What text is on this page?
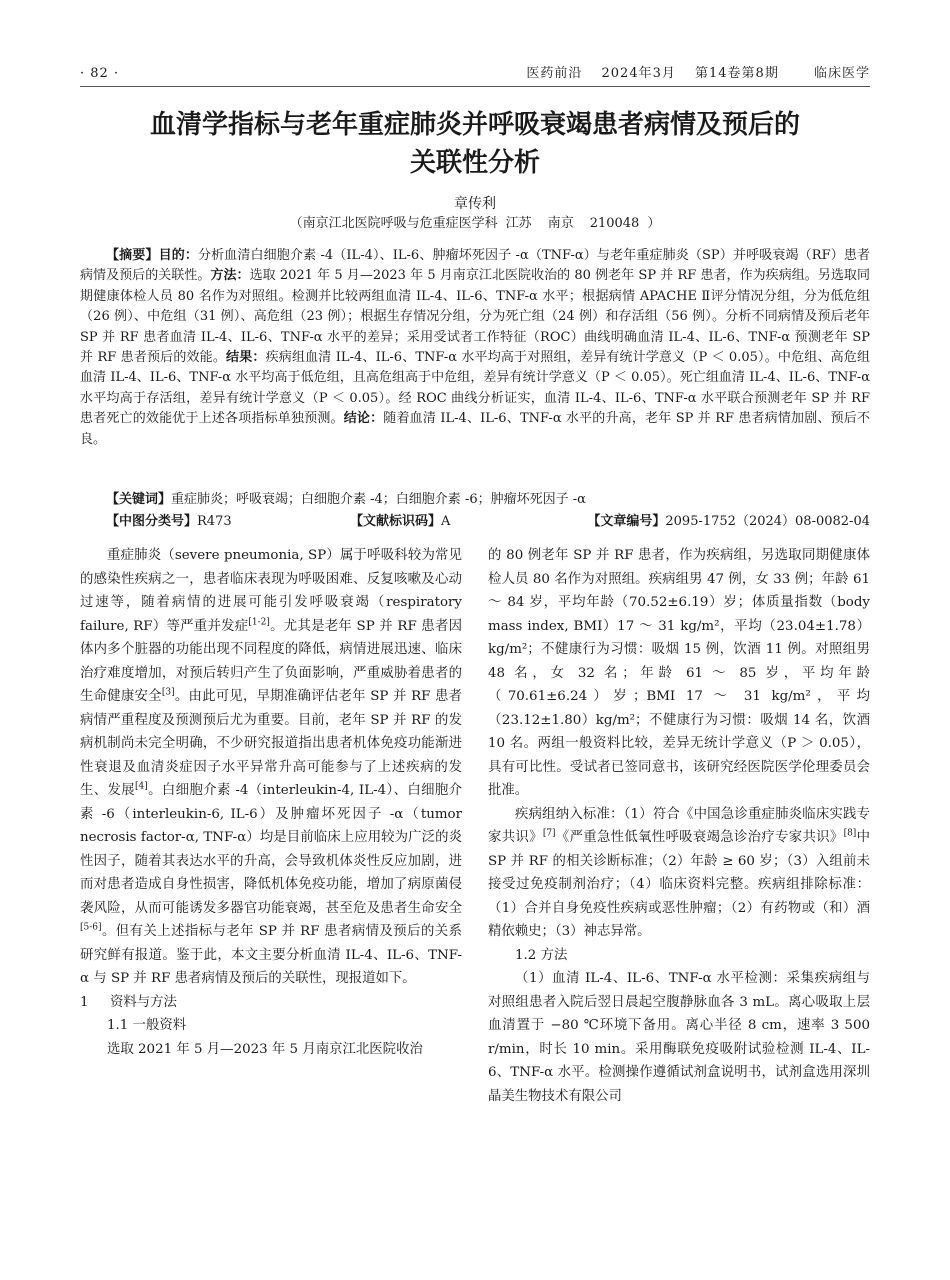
· 82 ·	医药前沿 2024年3月 第14卷第8期	临床医学
血清学指标与老年重症肺炎并呼吸衰竭患者病情及预后的
关联性分析
章传利
（南京江北医院呼吸与危重症医学科 江苏 南京 210048 ）
【摘要】目的：分析血清白细胞介素 -4（IL-4）、IL-6、肿瘤坏死因子 -α（TNF-α）与老年重症肺炎（SP）并呼吸衰竭（RF）患者病情及预后的关联性。方法：选取 2021 年 5 月—2023 年 5 月南京江北医院收治的 80 例老年 SP 并 RF 患者，作为疾病组。另选取同期健康体检人员 80 名作为对照组。检测并比较两组血清 IL-4、IL-6、TNF-α 水平；根据病情 APACHE Ⅱ评分情况分组，分为低危组（26 例）、中危组（31 例）、高危组（23 例）；根据生存情况分组，分为死亡组（24 例）和存活组（56 例）。分析不同病情及预后老年 SP 并 RF 患者血清 IL-4、IL-6、TNF-α 水平的差异；采用受试者工作特征（ROC）曲线明确血清 IL-4、IL-6、TNF-α 预测老年 SP 并 RF 患者预后的效能。结果：疾病组血清 IL-4、IL-6、TNF-α 水平均高于对照组，差异有统计学意义（P ＜ 0.05）。中危组、高危组血清 IL-4、IL-6、TNF-α 水平均高于低危组，且高危组高于中危组，差异有统计学意义（P ＜ 0.05）。死亡组血清 IL-4、IL-6、TNF-α 水平均高于存活组，差异有统计学意义（P ＜ 0.05）。经 ROC 曲线分析证实，血清 IL-4、IL-6、TNF-α 水平联合预测老年 SP 并 RF 患者死亡的效能优于上述各项指标单独预测。结论：随着血清 IL-4、IL-6、TNF-α 水平的升高，老年 SP 并 RF 患者病情加剧、预后不良。
【关键词】重症肺炎；呼吸衰竭；白细胞介素 -4；白细胞介素 -6；肿瘤坏死因子 -α
【中图分类号】R473	【文献标识码】A	【文章编号】2095-1752（2024）08-0082-04

重症肺炎（severe pneumonia, SP）属于呼吸科较为常见的感染性疾病之一，患者临床表现为呼吸困难、反复咳嗽及心动过速等，随着病情的进展可能引发呼吸衰竭（respiratory failure, RF）等严重并发症[1-2]。尤其是老年 SP 并 RF 患者因体内多个脏器的功能出现不同程度的降低，病情进展迅速、临床治疗难度增加，对预后转归产生了负面影响，严重威胁着患者的生命健康安全[3]。由此可见，早期准确评估老年 SP 并 RF 患者病情严重程度及预测预后尤为重要。目前，老年 SP 并 RF 的发病机制尚未完全明确，不少研究报道指出患者机体免疫功能渐进性衰退及血清炎症因子水平异常升高可能参与了上述疾病的发生、发展[4]。白细胞介素 -4（interleukin-4, IL-4）、白细胞介素 -6（interleukin-6, IL-6）及肿瘤坏死因子 -α（tumor necrosis factor-α, TNF-α）均是目前临床上应用较为广泛的炎性因子，随着其表达水平的升高，会导致机体炎性反应加剧，进而对患者造成自身性损害，降低机体免疫功能，增加了病原菌侵袭风险，从而可能诱发多器官功能衰竭，甚至危及患者生命安全[5-6]。但有关上述指标与老年 SP 并 RF 患者病情及预后的关系研究鲜有报道。鉴于此，本文主要分析血清 IL-4、IL-6、TNF-α 与 SP 并 RF 患者病情及预后的关联性，现报道如下。

1 资料与方法

1.1 一般资料

选取 2021 年 5 月—2023 年 5 月南京江北医院收治

的 80 例老年 SP 并 RF 患者，作为疾病组，另选取同期健康体检人员 80 名作为对照组。疾病组男 47 例，女 33 例；年龄 61 ～ 84 岁，平均年龄（70.52±6.19）岁；体质量指数（body mass index, BMI）17 ～ 31 kg/m²，平均（23.04±1.78）kg/m²；不健康行为习惯：吸烟 15 例，饮酒 11 例。对照组男 48 名，女 32 名；年龄 61 ～ 85 岁，平均年龄（70.61±6.24）岁；BMI 17 ～ 31 kg/m²，平均（23.12±1.80）kg/m²；不健康行为习惯：吸烟 14 名，饮酒 10 名。两组一般资料比较，差异无统计学意义（P ＞ 0.05），具有可比性。受试者已签同意书，该研究经医院医学伦理委员会批准。

疾病组纳入标准：（1）符合《中国急诊重症肺炎临床实践专家共识》[7]《严重急性低氧性呼吸衰竭急诊治疗专家共识》[8]中 SP 并 RF 的相关诊断标准；（2）年龄 ≥ 60 岁；（3）入组前未接受过免疫制剂治疗；（4）临床资料完整。疾病组排除标准：（1）合并自身免疫性疾病或恶性肿瘤；（2）有药物或（和）酒精依赖史；（3）神志异常。

1.2 方法

（1）血清 IL-4、IL-6、TNF-α 水平检测：采集疾病组与对照组患者入院后翌日晨起空腹静脉血各 3 mL。离心吸取上层血清置于 −80 ℃环境下备用。离心半径 8 cm，速率 3 500 r/min，时长 10 min。采用酶联免疫吸附试验检测 IL-4、IL-6、TNF-α 水平。检测操作遵循试剂盒说明书，试剂盒选用深圳晶美生物技术有限公司
